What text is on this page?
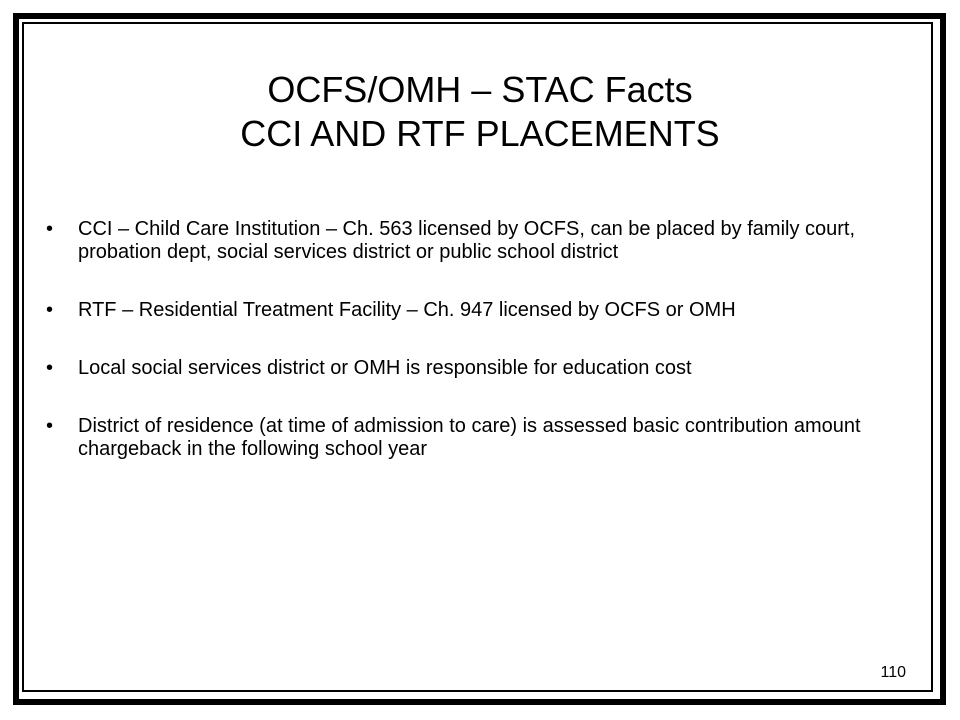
OCFS/OMH – STAC Facts
CCI AND RTF PLACEMENTS
• CCI – Child Care Institution – Ch. 563 licensed by OCFS, can be placed by family court, probation dept, social services district or public school district
• RTF – Residential Treatment Facility – Ch. 947 licensed by OCFS or OMH
• Local social services district or OMH is responsible for education cost
• District of residence (at time of admission to care) is assessed basic contribution amount chargeback in the following school year
110
